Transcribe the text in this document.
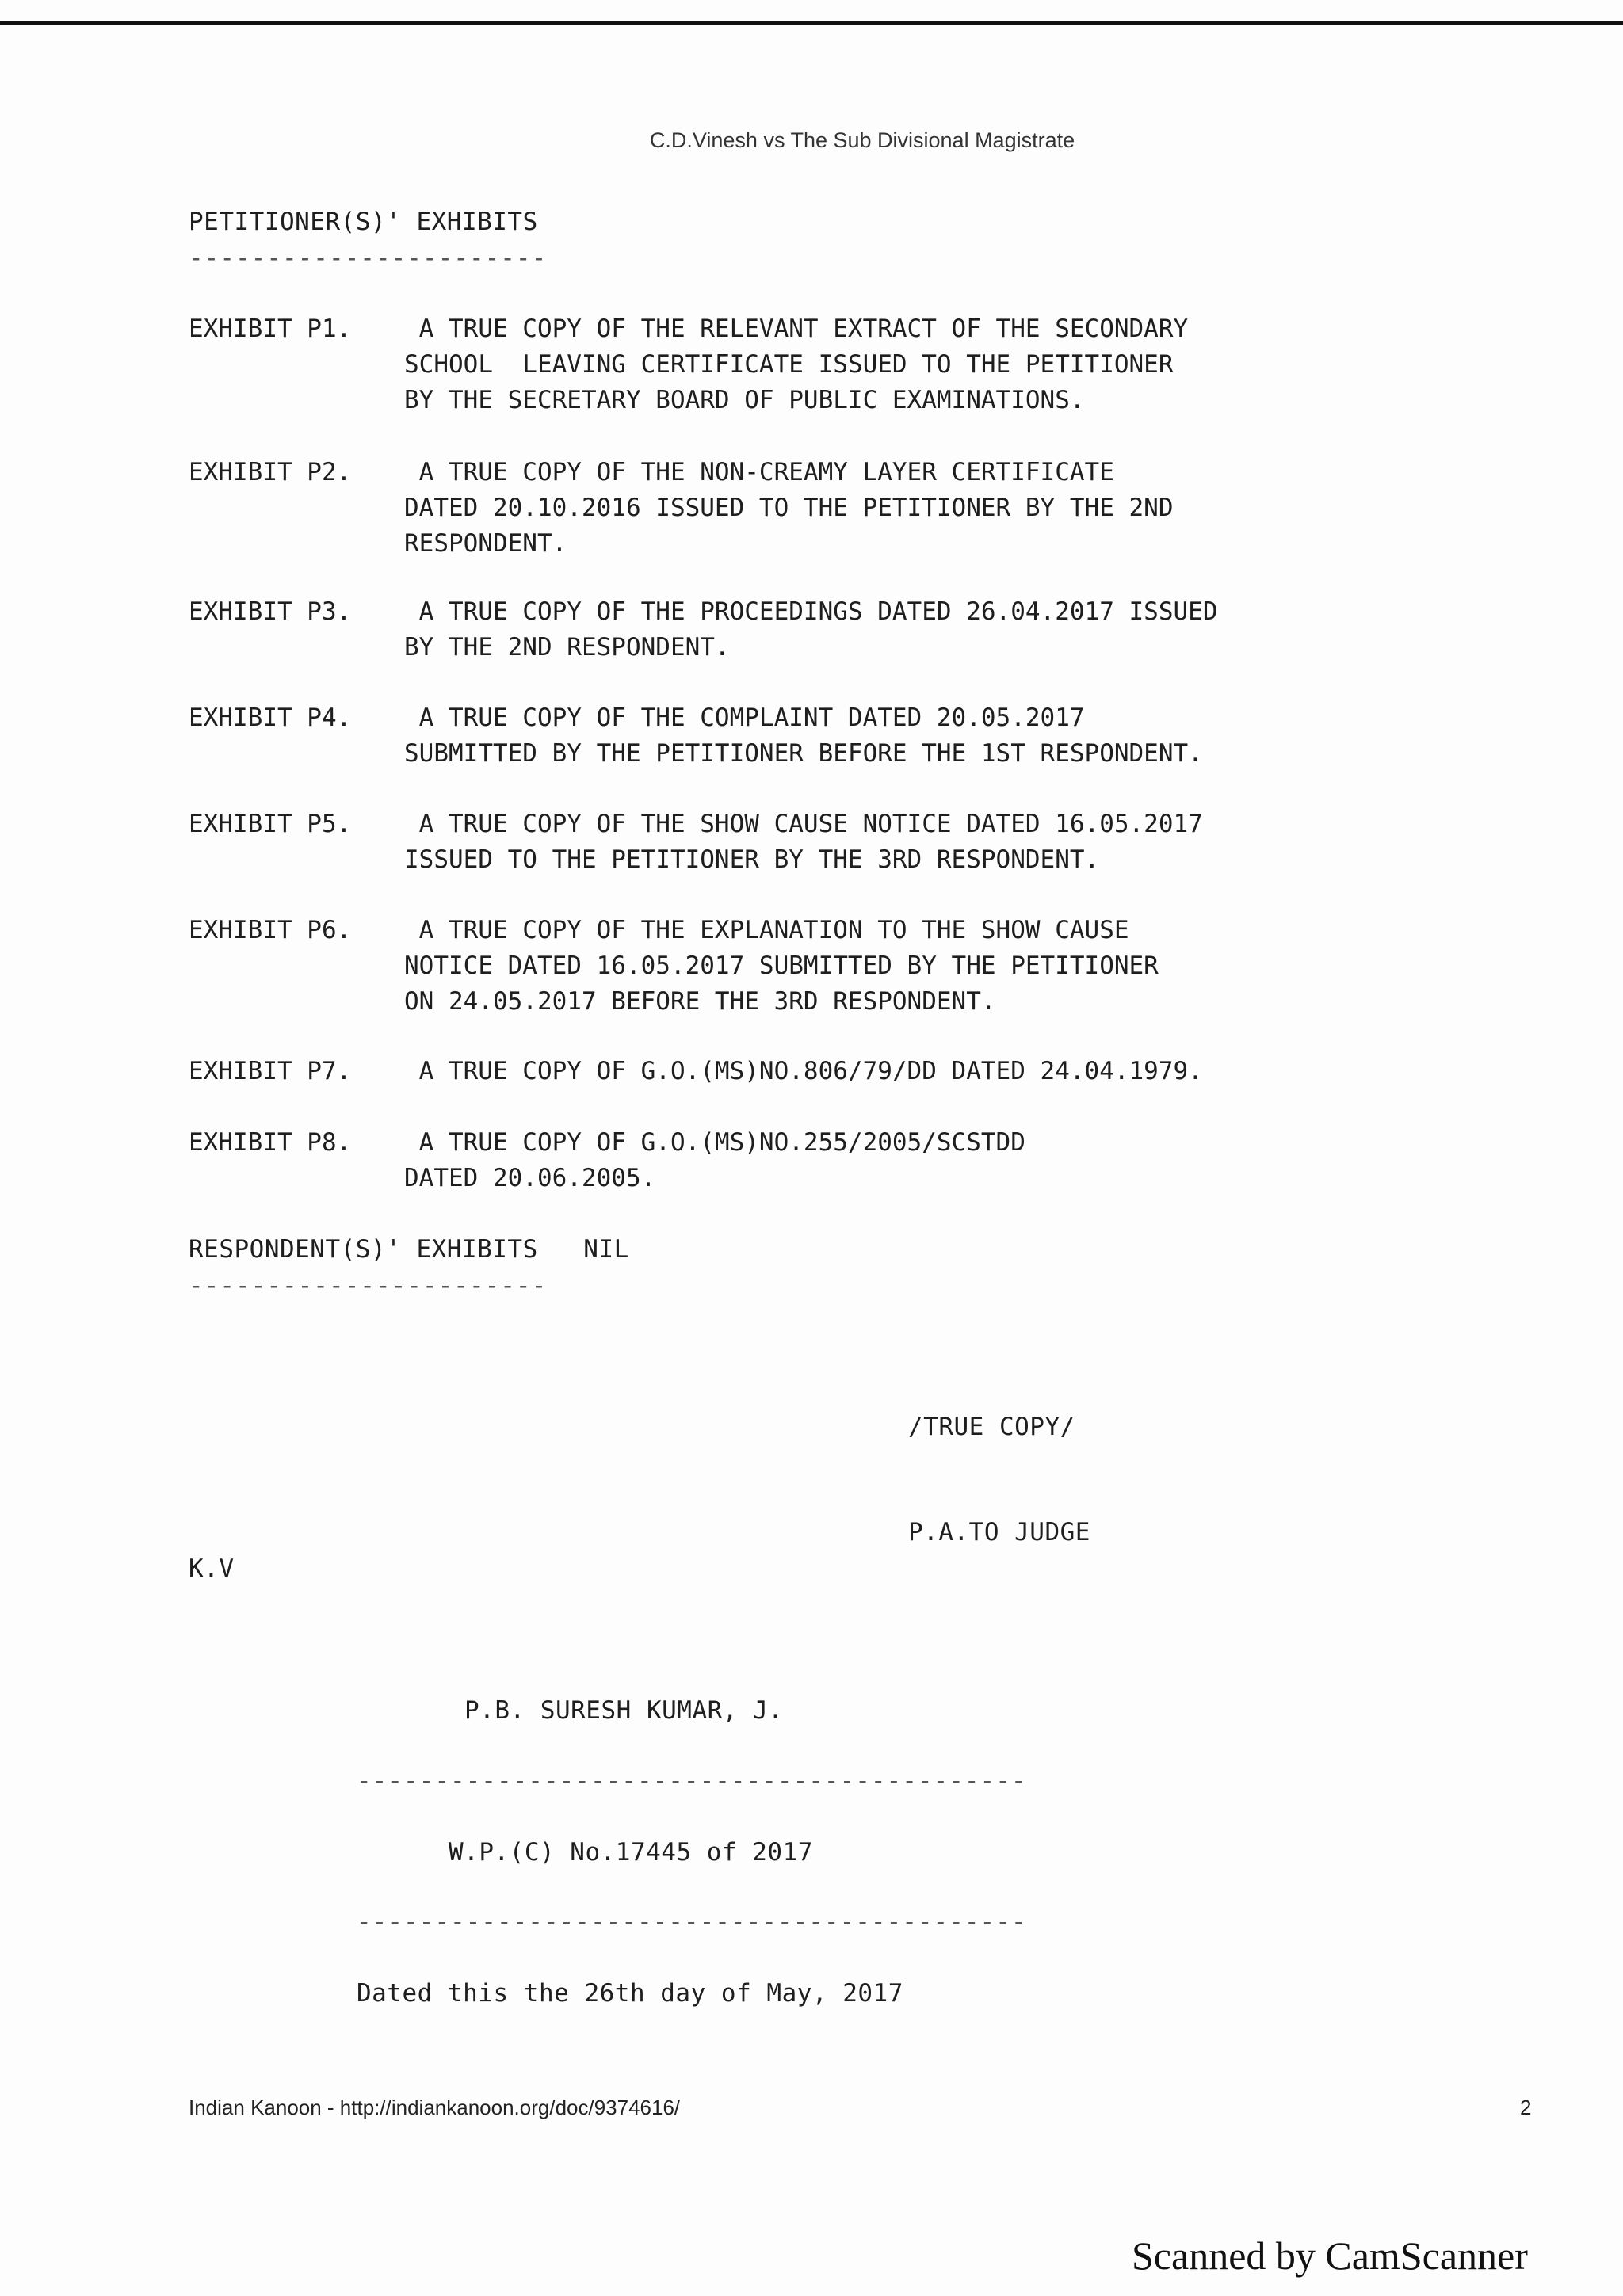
C.D.Vinesh vs The Sub Divisional Magistrate
PETITIONER(S)' EXHIBITS
-----------------------
EXHIBIT P1. A TRUE COPY OF THE RELEVANT EXTRACT OF THE SECONDARY
SCHOOL  LEAVING CERTIFICATE ISSUED TO THE PETITIONER
BY THE SECRETARY BOARD OF PUBLIC EXAMINATIONS.
EXHIBIT P2. A TRUE COPY OF THE NON-CREAMY LAYER CERTIFICATE
DATED 20.10.2016 ISSUED TO THE PETITIONER BY THE 2ND
RESPONDENT.
EXHIBIT P3. A TRUE COPY OF THE PROCEEDINGS DATED 26.04.2017 ISSUED
BY THE 2ND RESPONDENT.
EXHIBIT P4. A TRUE COPY OF THE COMPLAINT DATED 20.05.2017
SUBMITTED BY THE PETITIONER BEFORE THE 1ST RESPONDENT.
EXHIBIT P5. A TRUE COPY OF THE SHOW CAUSE NOTICE DATED 16.05.2017
ISSUED TO THE PETITIONER BY THE 3RD RESPONDENT.
EXHIBIT P6. A TRUE COPY OF THE EXPLANATION TO THE SHOW CAUSE
NOTICE DATED 16.05.2017 SUBMITTED BY THE PETITIONER
ON 24.05.2017 BEFORE THE 3RD RESPONDENT.
EXHIBIT P7. A TRUE COPY OF G.O.(MS)NO.806/79/DD DATED 24.04.1979.
EXHIBIT P8. A TRUE COPY OF G.O.(MS)NO.255/2005/SCSTDD
DATED 20.06.2005.
RESPONDENT(S)' EXHIBITS   NIL
-----------------------
/TRUE COPY/
P.A.TO JUDGE
K.V
P.B. SURESH KUMAR, J.
-------------------------------------------
W.P.(C) No.17445 of 2017
-------------------------------------------
Dated this the 26th day of May, 2017
Indian Kanoon - http://indiankanoon.org/doc/9374616/	2
Scanned by CamScanner
